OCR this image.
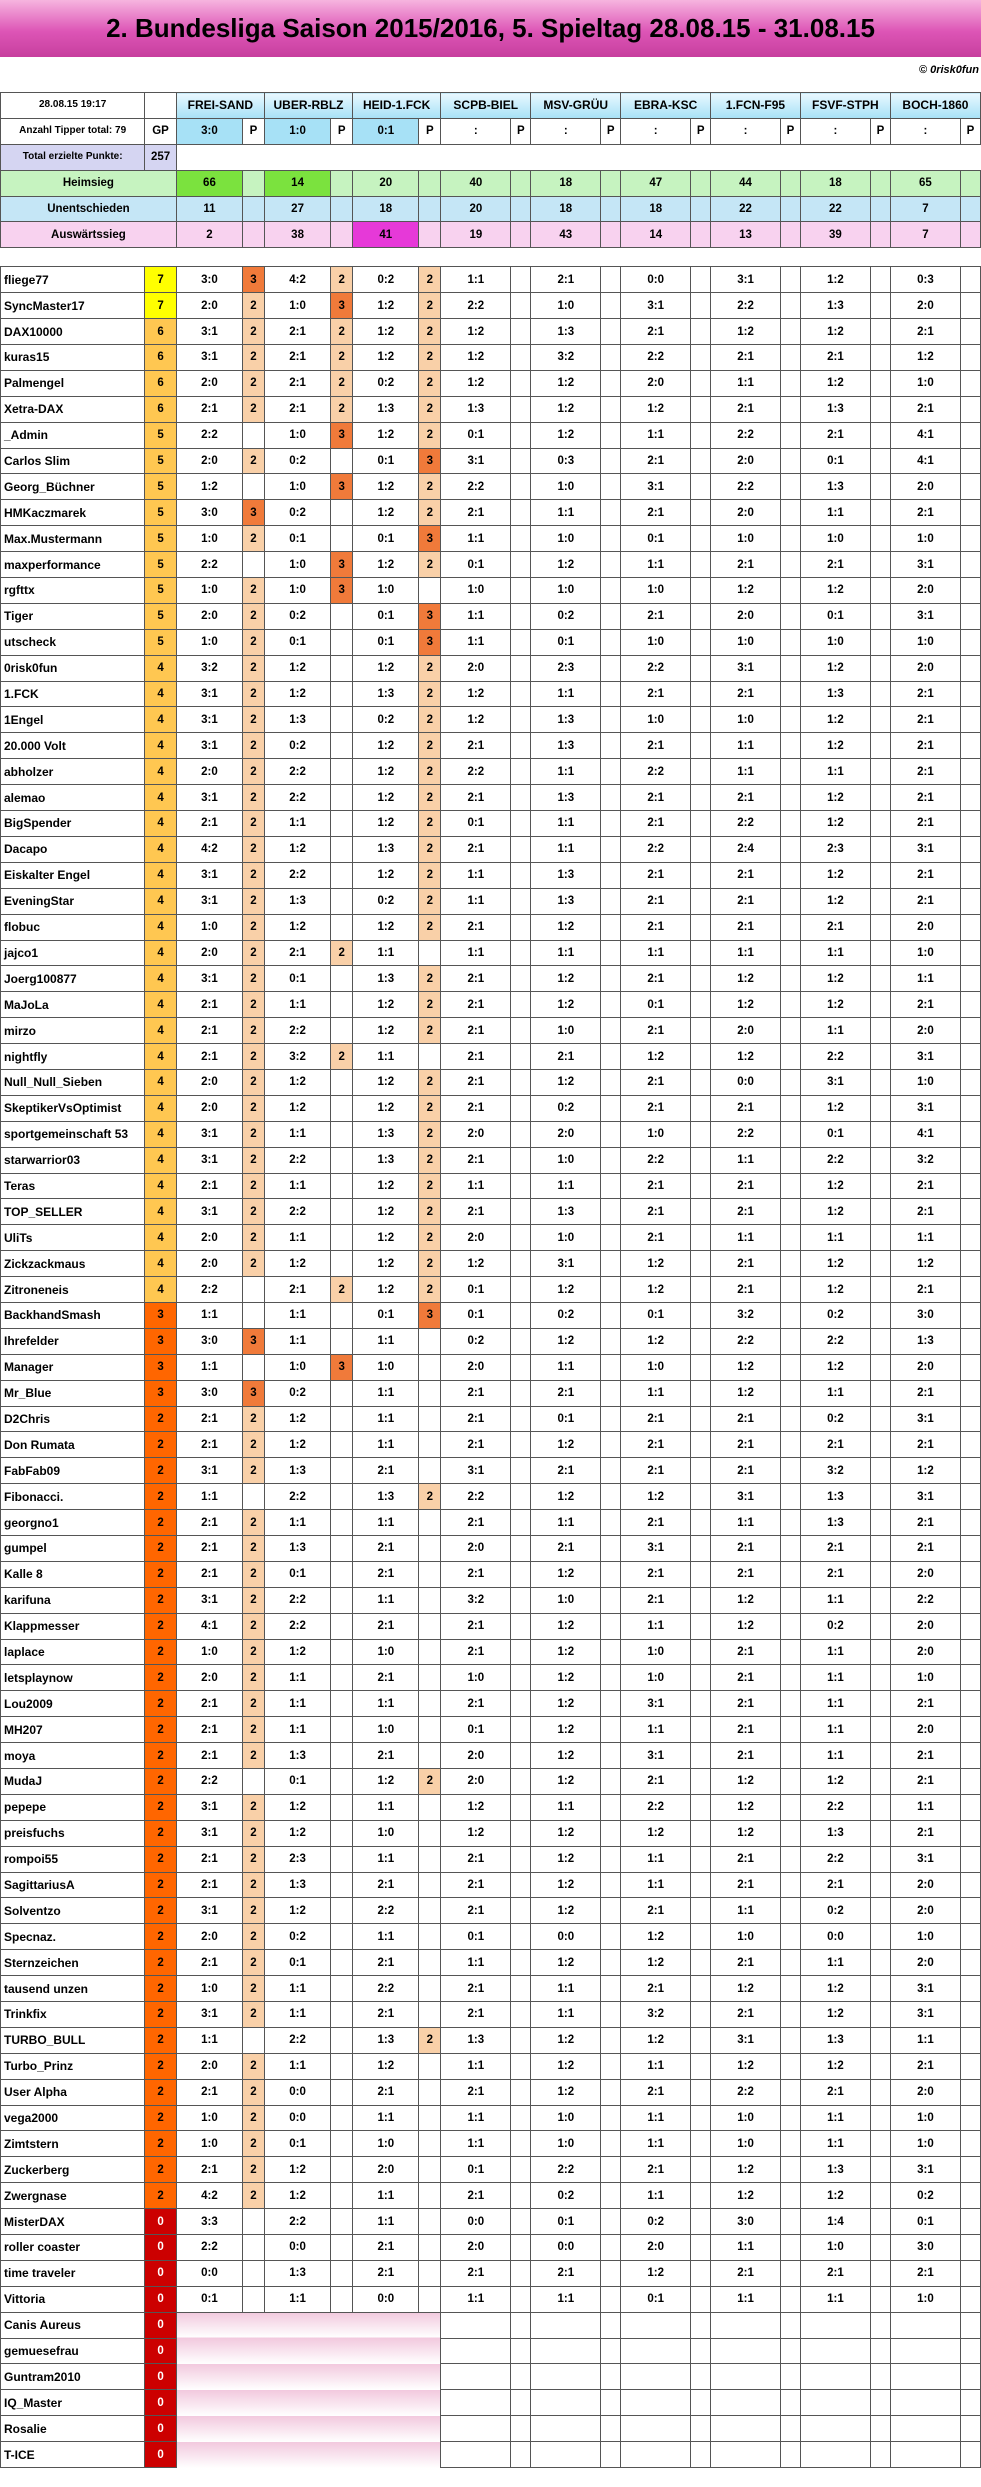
2. Bundesliga Saison 2015/2016, 5. Spieltag 28.08.15 - 31.08.15
© 0risk0fun
28.08.15 19:17		FREI-SAND		UBER-RBLZ		HEID-1.FCK		SCPB-BIEL		MSV-GRÜU		EBRA-KSC		1.FCN-F95		FSVF-STPH		BOCH-1860	
Anzahl Tipper total: 79	GP	3:0	P	1:0	P	0:1	P	:	P	:	P	:	P	:	P	:	P	:	P
Total erzielte Punkte:	257																		
Heimsieg		66		14		20		40		18		47		44		18		65	
Unentschieden		11		27		18		20		18		18		22		22		7	
Auswärtssieg		2		38		41		19		43		14		13		39		7	

fliege77	7	3:0	3	4:2	2	0:2	2	1:1		2:1		0:0		3:1		1:2		0:3	
SyncMaster17	7	2:0	2	1:0	3	1:2	2	2:2		1:0		3:1		2:2		1:3		2:0	
DAX10000	6	3:1	2	2:1	2	1:2	2	1:2		1:3		2:1		1:2		1:2		2:1	
kuras15	6	3:1	2	2:1	2	1:2	2	1:2		3:2		2:2		2:1		2:1		1:2	
Palmengel	6	2:0	2	2:1	2	0:2	2	1:2		1:2		2:0		1:1		1:2		1:0	
Xetra-DAX	6	2:1	2	2:1	2	1:3	2	1:3		1:2		1:2		2:1		1:3		2:1	
_Admin	5	2:2		1:0	3	1:2	2	0:1		1:2		1:1		2:2		2:1		4:1	
Carlos Slim	5	2:0	2	0:2		0:1	3	3:1		0:3		2:1		2:0		0:1		4:1	
Georg_Büchner	5	1:2		1:0	3	1:2	2	2:2		1:0		3:1		2:2		1:3		2:0	
HMKaczmarek	5	3:0	3	0:2		1:2	2	2:1		1:1		2:1		2:0		1:1		2:1	
Max.Mustermann	5	1:0	2	0:1		0:1	3	1:1		1:0		0:1		1:0		1:0		1:0	
maxperformance	5	2:2		1:0	3	1:2	2	0:1		1:2		1:1		2:1		2:1		3:1	
rgfttx	5	1:0	2	1:0	3	1:0		1:0		1:0		1:0		1:2		1:2		2:0	
Tiger	5	2:0	2	0:2		0:1	3	1:1		0:2		2:1		2:0		0:1		3:1	
utscheck	5	1:0	2	0:1		0:1	3	1:1		0:1		1:0		1:0		1:0		1:0	
0risk0fun	4	3:2	2	1:2		1:2	2	2:0		2:3		2:2		3:1		1:2		2:0	
1.FCK	4	3:1	2	1:2		1:3	2	1:2		1:1		2:1		2:1		1:3		2:1	
1Engel	4	3:1	2	1:3		0:2	2	1:2		1:3		1:0		1:0		1:2		2:1	
20.000 Volt	4	3:1	2	0:2		1:2	2	2:1		1:3		2:1		1:1		1:2		2:1	
abholzer	4	2:0	2	2:2		1:2	2	2:2		1:1		2:2		1:1		1:1		2:1	
alemao	4	3:1	2	2:2		1:2	2	2:1		1:3		2:1		2:1		1:2		2:1	
BigSpender	4	2:1	2	1:1		1:2	2	0:1		1:1		2:1		2:2		1:2		2:1	
Dacapo	4	4:2	2	1:2		1:3	2	2:1		1:1		2:2		2:4		2:3		3:1	
Eiskalter Engel	4	3:1	2	2:2		1:2	2	1:1		1:3		2:1		2:1		1:2		2:1	
EveningStar	4	3:1	2	1:3		0:2	2	1:1		1:3		2:1		2:1		1:2		2:1	
flobuc	4	1:0	2	1:2		1:2	2	2:1		1:2		2:1		2:1		2:1		2:0	
jajco1	4	2:0	2	2:1	2	1:1		1:1		1:1		1:1		1:1		1:1		1:0	
Joerg100877	4	3:1	2	0:1		1:3	2	2:1		1:2		2:1		1:2		1:2		1:1	
MaJoLa	4	2:1	2	1:1		1:2	2	2:1		1:2		0:1		1:2		1:2		2:1	
mirzo	4	2:1	2	2:2		1:2	2	2:1		1:0		2:1		2:0		1:1		2:0	
nightfly	4	2:1	2	3:2	2	1:1		2:1		2:1		1:2		1:2		2:2		3:1	
Null_Null_Sieben	4	2:0	2	1:2		1:2	2	2:1		1:2		2:1		0:0		3:1		1:0	
SkeptikerVsOptimist	4	2:0	2	1:2		1:2	2	2:1		0:2		2:1		2:1		1:2		3:1	
sportgemeinschaft 53	4	3:1	2	1:1		1:3	2	2:0		2:0		1:0		2:2		0:1		4:1	
starwarrior03	4	3:1	2	2:2		1:3	2	2:1		1:0		2:2		1:1		2:2		3:2	
Teras	4	2:1	2	1:1		1:2	2	1:1		1:1		2:1		2:1		1:2		2:1	
TOP_SELLER	4	3:1	2	2:2		1:2	2	2:1		1:3		2:1		2:1		1:2		2:1	
UliTs	4	2:0	2	1:1		1:2	2	2:0		1:0		2:1		1:1		1:1		1:1	
Zickzackmaus	4	2:0	2	1:2		1:2	2	1:2		3:1		1:2		2:1		1:2		1:2	
Zitroneneis	4	2:2		2:1	2	1:2	2	0:1		1:2		1:2		2:1		1:2		2:1	
BackhandSmash	3	1:1		1:1		0:1	3	0:1		0:2		0:1		3:2		0:2		3:0	
Ihrefelder	3	3:0	3	1:1		1:1		0:2		1:2		1:2		2:2		2:2		1:3	
Manager	3	1:1		1:0	3	1:0		2:0		1:1		1:0		1:2		1:2		2:0	
Mr_Blue	3	3:0	3	0:2		1:1		2:1		2:1		1:1		1:2		1:1		2:1	
D2Chris	2	2:1	2	1:2		1:1		2:1		0:1		2:1		2:1		0:2		3:1	
Don Rumata	2	2:1	2	1:2		1:1		2:1		1:2		2:1		2:1		2:1		2:1	
FabFab09	2	3:1	2	1:3		2:1		3:1		2:1		2:1		2:1		3:2		1:2	
Fibonacci.	2	1:1		2:2		1:3	2	2:2		1:2		1:2		3:1		1:3		3:1	
georgno1	2	2:1	2	1:1		1:1		2:1		1:1		2:1		1:1		1:3		2:1	
gumpel	2	2:1	2	1:3		2:1		2:0		2:1		3:1		2:1		2:1		2:1	
Kalle 8	2	2:1	2	0:1		2:1		2:1		1:2		2:1		2:1		2:1		2:0	
karifuna	2	3:1	2	2:2		1:1		3:2		1:0		2:1		1:2		1:1		2:2	
Klappmesser	2	4:1	2	2:2		2:1		2:1		1:2		1:1		1:2		0:2		2:0	
laplace	2	1:0	2	1:2		1:0		2:1		1:2		1:0		2:1		1:1		2:0	
letsplaynow	2	2:0	2	1:1		2:1		1:0		1:2		1:0		2:1		1:1		1:0	
Lou2009	2	2:1	2	1:1		1:1		2:1		1:2		3:1		2:1		1:1		2:1	
MH207	2	2:1	2	1:1		1:0		0:1		1:2		1:1		2:1		1:1		2:0	
moya	2	2:1	2	1:3		2:1		2:0		1:2		3:1		2:1		1:1		2:1	
MudaJ	2	2:2		0:1		1:2	2	2:0		1:2		2:1		1:2		1:2		2:1	
pepepe	2	3:1	2	1:2		1:1		1:2		1:1		2:2		1:2		2:2		1:1	
preisfuchs	2	3:1	2	1:2		1:0		1:2		1:2		1:2		1:2		1:3		2:1	
rompoi55	2	2:1	2	2:3		1:1		2:1		1:2		1:1		2:1		2:2		3:1	
SagittariusA	2	2:1	2	1:3		2:1		2:1		1:2		1:1		2:1		2:1		2:0	
Solventzo	2	3:1	2	1:2		2:2		2:1		1:2		2:1		1:1		0:2		2:0	
Specnaz.	2	2:0	2	0:2		1:1		0:1		0:0		1:2		1:0		0:0		1:0	
Sternzeichen	2	2:1	2	0:1		2:1		1:1		1:2		1:2		2:1		1:1		2:0	
tausend unzen	2	1:0	2	1:1		2:2		2:1		1:1		2:1		1:2		1:2		3:1	
Trinkfix	2	3:1	2	1:1		2:1		2:1		1:1		3:2		2:1		1:2		3:1	
TURBO_BULL	2	1:1		2:2		1:3	2	1:3		1:2		1:2		3:1		1:3		1:1	
Turbo_Prinz	2	2:0	2	1:1		1:2		1:1		1:2		1:1		1:2		1:2		2:1	
User Alpha	2	2:1	2	0:0		2:1		2:1		1:2		2:1		2:2		2:1		2:0	
vega2000	2	1:0	2	0:0		1:1		1:1		1:0		1:1		1:0		1:1		1:0	
Zimtstern	2	1:0	2	0:1		1:0		1:1		1:0		1:1		1:0		1:1		1:0	
Zuckerberg	2	2:1	2	1:2		2:0		0:1		2:2		2:1		1:2		1:3		3:1	
Zwergnase	2	4:2	2	1:2		1:1		2:1		0:2		1:1		1:2		1:2		0:2	
MisterDAX	0	3:3		2:2		1:1		0:0		0:1		0:2		3:0		1:4		0:1	
roller coaster	0	2:2		0:0		2:1		2:0		0:0		2:0		1:1		1:0		3:0	
time traveler	0	0:0		1:3		2:1		2:1		2:1		1:2		2:1		2:1		2:1	
Vittoria	0	0:1		1:1		0:0		1:1		1:1		0:1		1:1		1:1		1:0	
Canis Aureus	0																		
gemuesefrau	0																		
Guntram2010	0																		
IQ_Master	0																		
Rosalie	0																		
T-ICE	0																		
